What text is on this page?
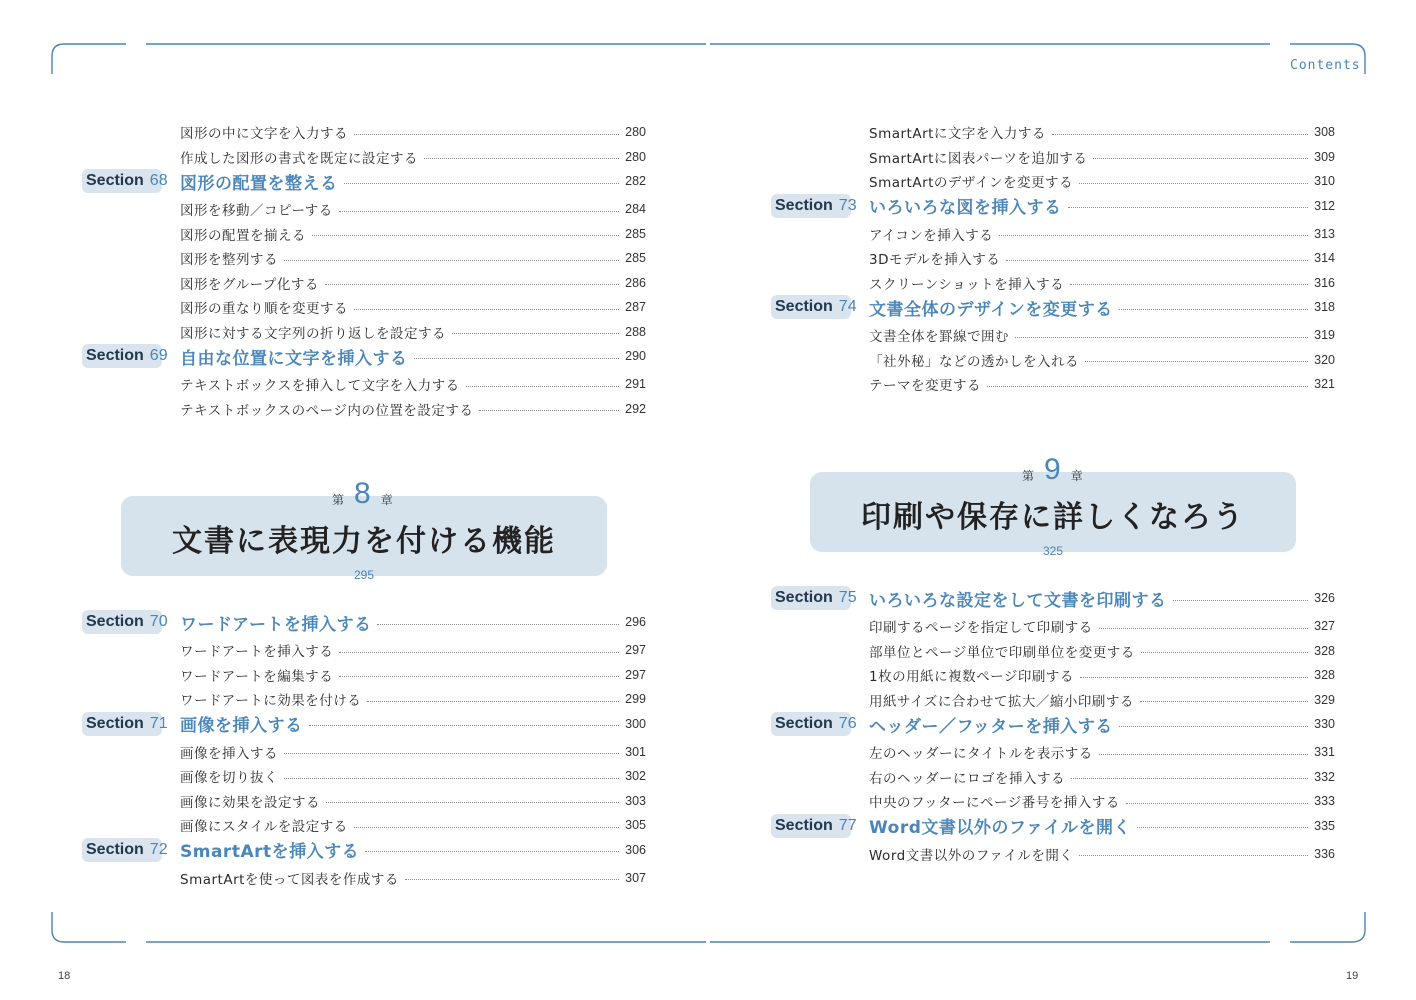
Contents
18	19
図形の中に文字を入力する	280
作成した図形の書式を既定に設定する	280
Section 68 図形の配置を整える	282
図形を移動／コピーする	284
図形の配置を揃える	285
図形を整列する	285
図形をグループ化する	286
図形の重なり順を変更する	287
図形に対する文字列の折り返しを設定する	288
Section 69 自由な位置に文字を挿入する	290
テキストボックスを挿入して文字を入力する	291
テキストボックスのページ内の位置を設定する	292
第 8 章
文書に表現力を付ける機能
295
Section 70 ワードアートを挿入する	296
ワードアートを挿入する	297
ワードアートを編集する	297
ワードアートに効果を付ける	299
Section 71 画像を挿入する	300
画像を挿入する	301
画像を切り抜く	302
画像に効果を設定する	303
画像にスタイルを設定する	305
Section 72 SmartArtを挿入する	306
SmartArtを使って図表を作成する	307
SmartArtに文字を入力する	308
SmartArtに図表パーツを追加する	309
SmartArtのデザインを変更する	310
Section 73 いろいろな図を挿入する	312
アイコンを挿入する	313
3Dモデルを挿入する	314
スクリーンショットを挿入する	316
Section 74 文書全体のデザインを変更する	318
文書全体を罫線で囲む	319
「社外秘」などの透かしを入れる	320
テーマを変更する	321
第 9 章
印刷や保存に詳しくなろう
325
Section 75 いろいろな設定をして文書を印刷する	326
印刷するページを指定して印刷する	327
部単位とページ単位で印刷単位を変更する	328
1枚の用紙に複数ページ印刷する	328
用紙サイズに合わせて拡大／縮小印刷する	329
Section 76 ヘッダー／フッターを挿入する	330
左のヘッダーにタイトルを表示する	331
右のヘッダーにロゴを挿入する	332
中央のフッターにページ番号を挿入する	333
Section 77 Word文書以外のファイルを開く	335
Word文書以外のファイルを開く	336
